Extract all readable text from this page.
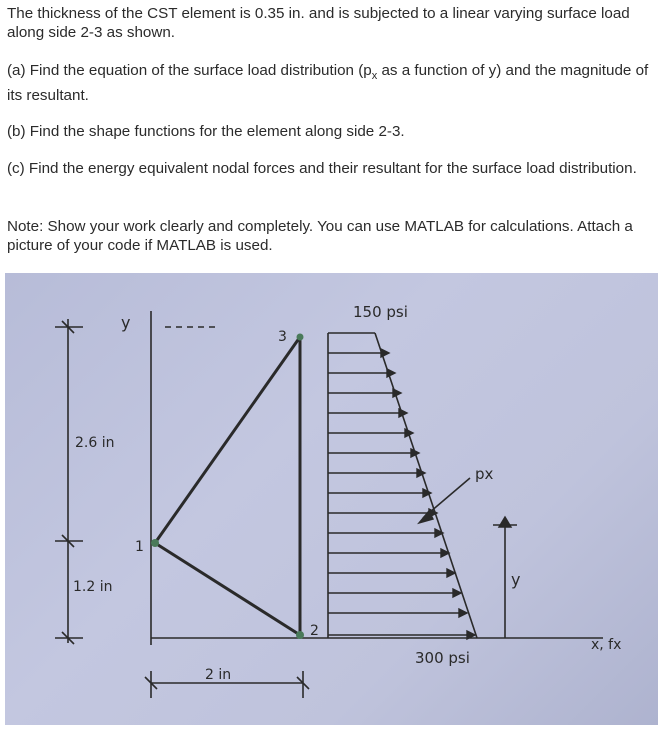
The thickness of the CST element is 0.35 in. and is subjected to a linear varying surface load along side 2-3 as shown.
(a) Find the equation of the surface load distribution ($p_x$ as a function of y) and the magnitude of its resultant.
(b) Find the shape functions for the element along side 2-3.
(c) Find the energy equivalent nodal forces and their resultant for the surface load distribution.
Note: Show your work clearly and completely. You can use MATLAB for calculations. Attach a picture of your code if MATLAB is used.
y
2.6 in
1.2 in
2 in
1
2
3
150 psi
300 psi
px
y
x, fx
